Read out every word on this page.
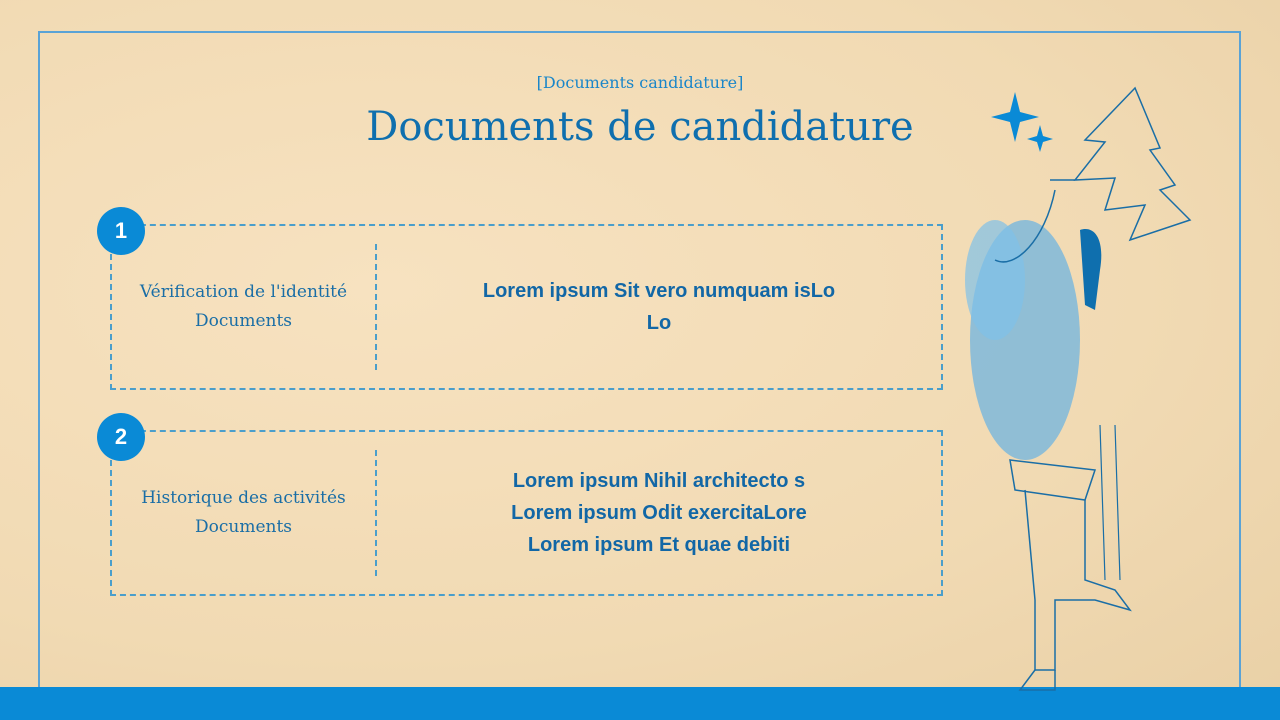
[Documents candidature]
Documents de candidature
1
Vérification de l'identité
Documents
Lorem ipsum Sit vero numquam isLo
Lo
2
Historique des activités
Documents
Lorem ipsum Nihil architecto s
Lorem ipsum Odit exercitaLore
Lorem ipsum Et quae debiti
